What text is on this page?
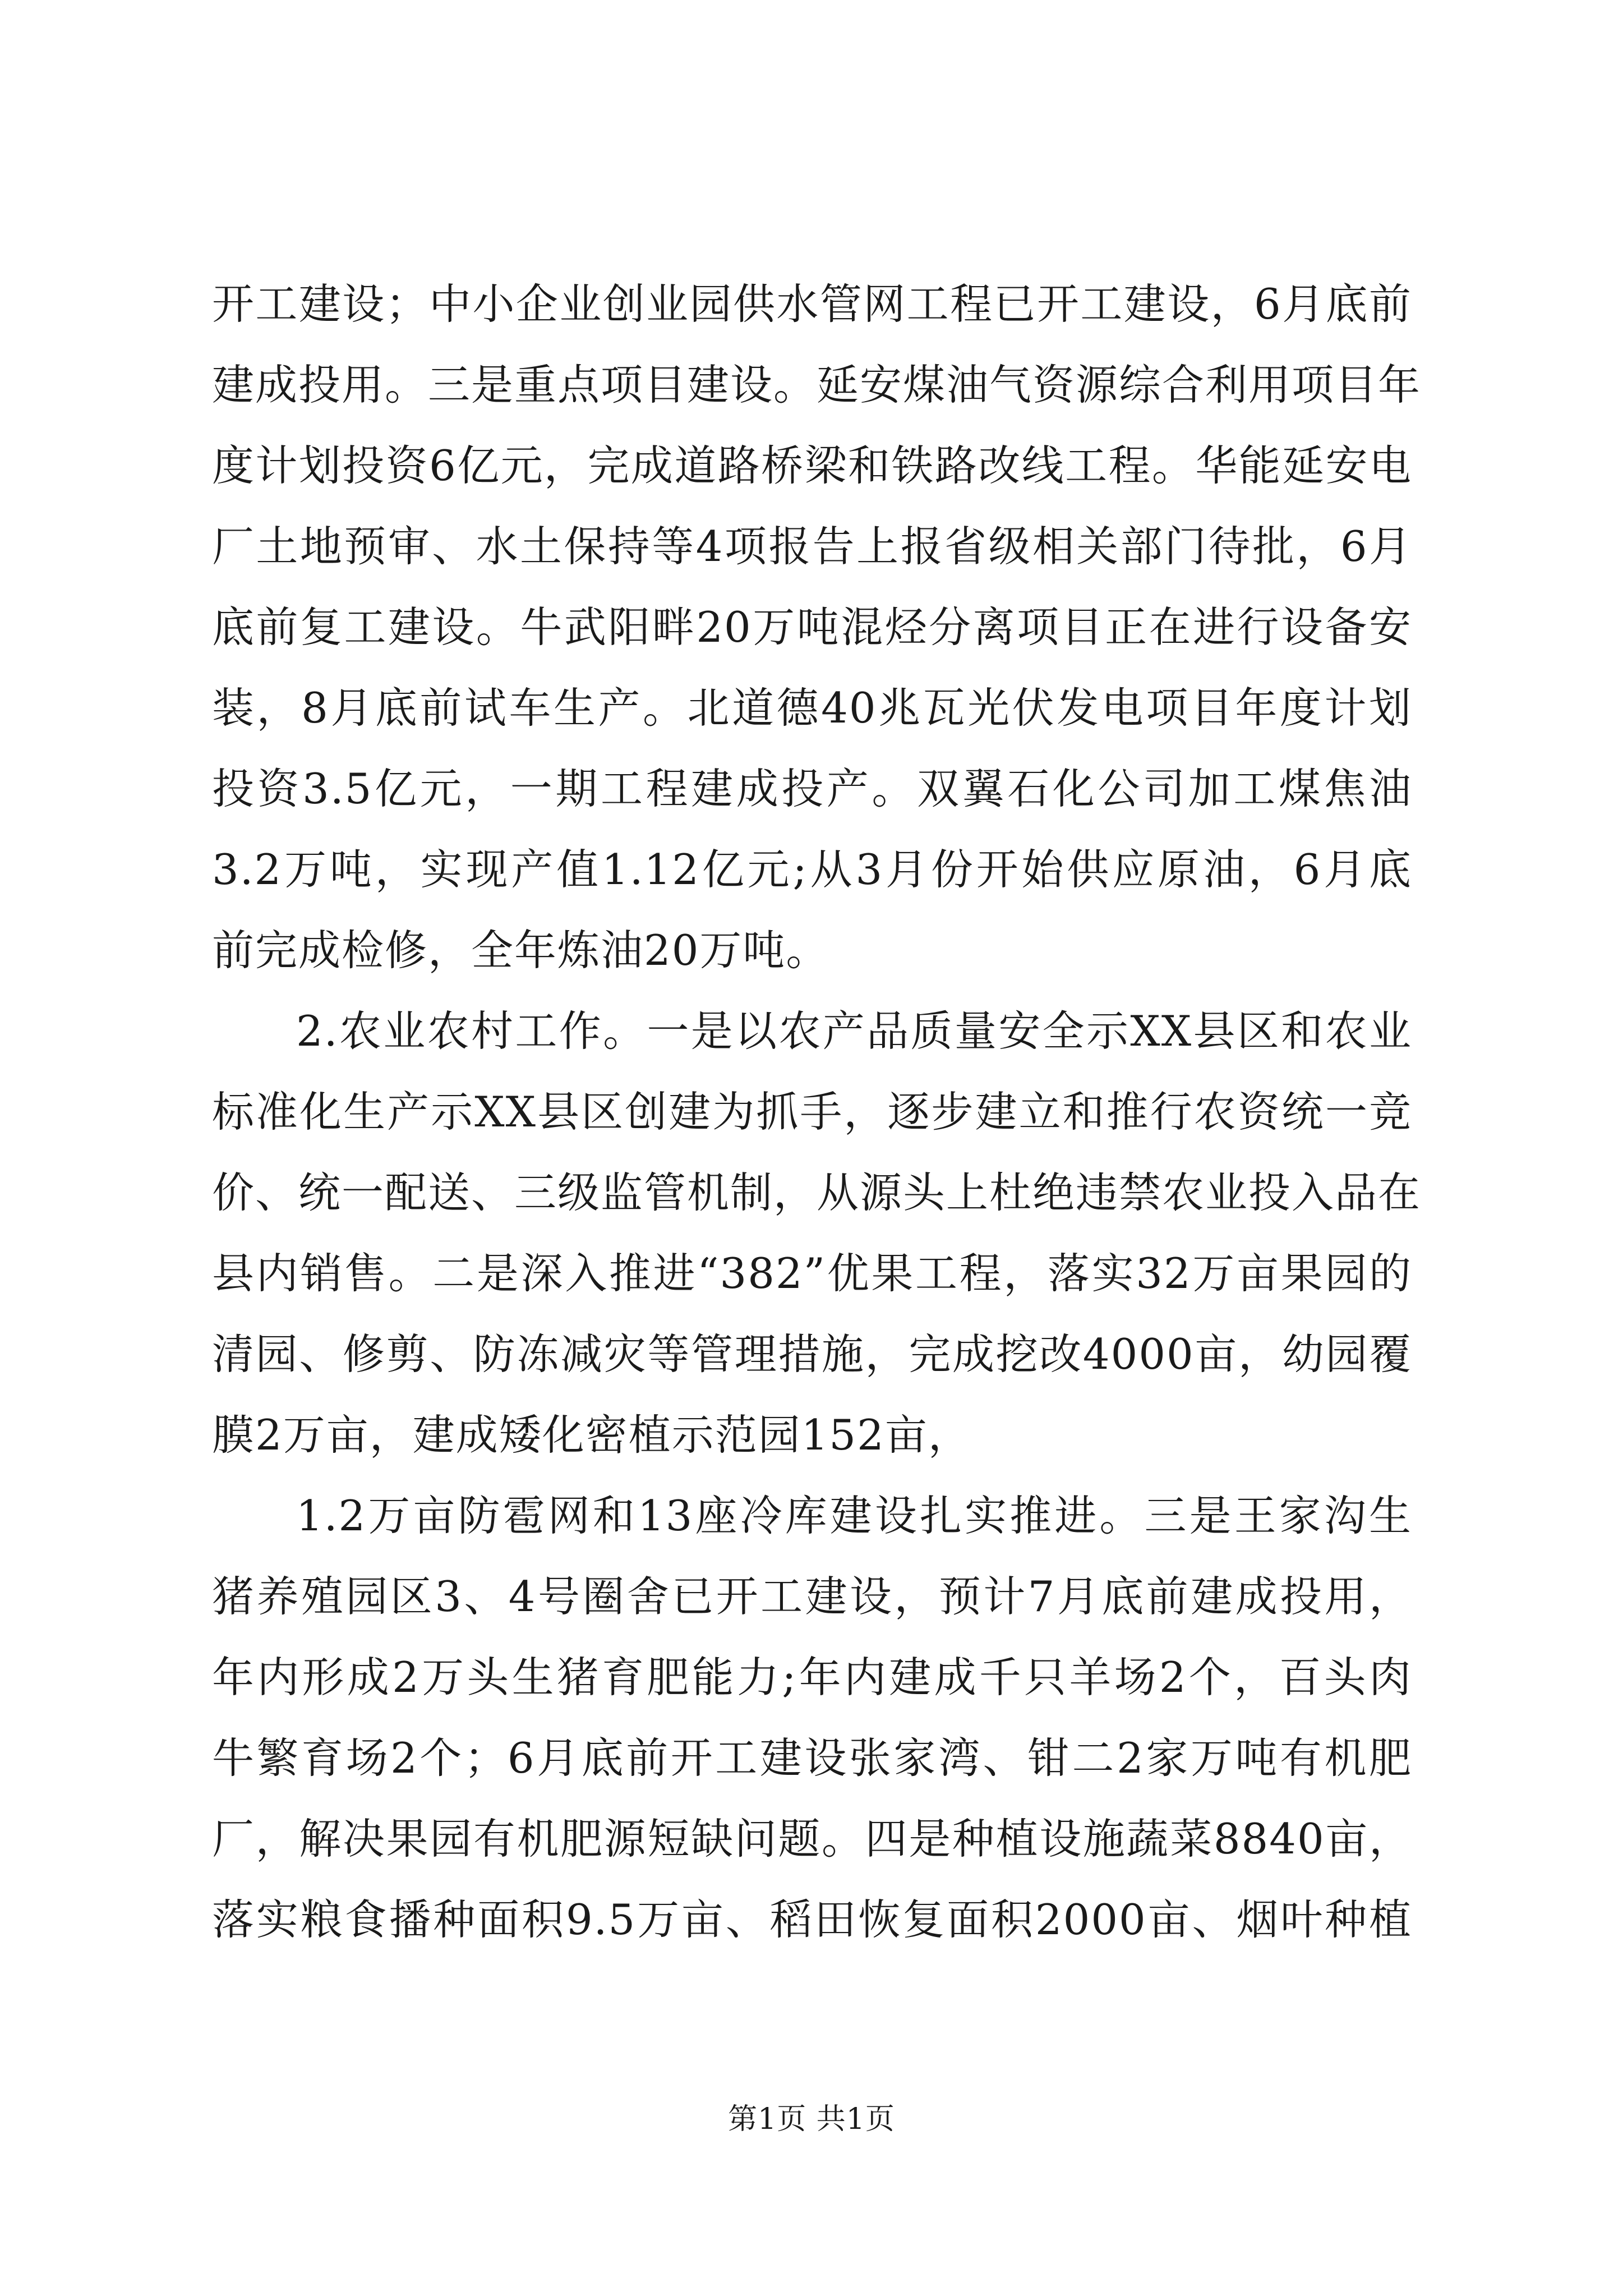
开工建设；中小企业创业园供水管网工程已开工建设，6月底前
建成投用。三是重点项目建设。延安煤油气资源综合利用项目年
度计划投资6亿元，完成道路桥梁和铁路改线工程。华能延安电
厂土地预审、水土保持等4项报告上报省级相关部门待批，6月
底前复工建设。牛武阳畔20万吨混烃分离项目正在进行设备安
装，8月底前试车生产。北道德40兆瓦光伏发电项目年度计划
投资3.5亿元，一期工程建成投产。双翼石化公司加工煤焦油
3.2万吨，实现产值1.12亿元;从3月份开始供应原油，6月底
前完成检修，全年炼油20万吨。
2.农业农村工作。一是以农产品质量安全示XX县区和农业
标准化生产示XX县区创建为抓手，逐步建立和推行农资统一竞
价、统一配送、三级监管机制，从源头上杜绝违禁农业投入品在
县内销售。二是深入推进“382”优果工程，落实32万亩果园的
清园、修剪、防冻减灾等管理措施，完成挖改4000亩，幼园覆
膜2万亩，建成矮化密植示范园152亩，
1.2万亩防雹网和13座冷库建设扎实推进。三是王家沟生
猪养殖园区3、4号圈舍已开工建设，预计7月底前建成投用，
年内形成2万头生猪育肥能力;年内建成千只羊场2个，百头肉
牛繁育场2个；6月底前开工建设张家湾、钳二2家万吨有机肥
厂，解决果园有机肥源短缺问题。四是种植设施蔬菜8840亩，
落实粮食播种面积9.5万亩、稻田恢复面积2000亩、烟叶种植
第1页 共1页
